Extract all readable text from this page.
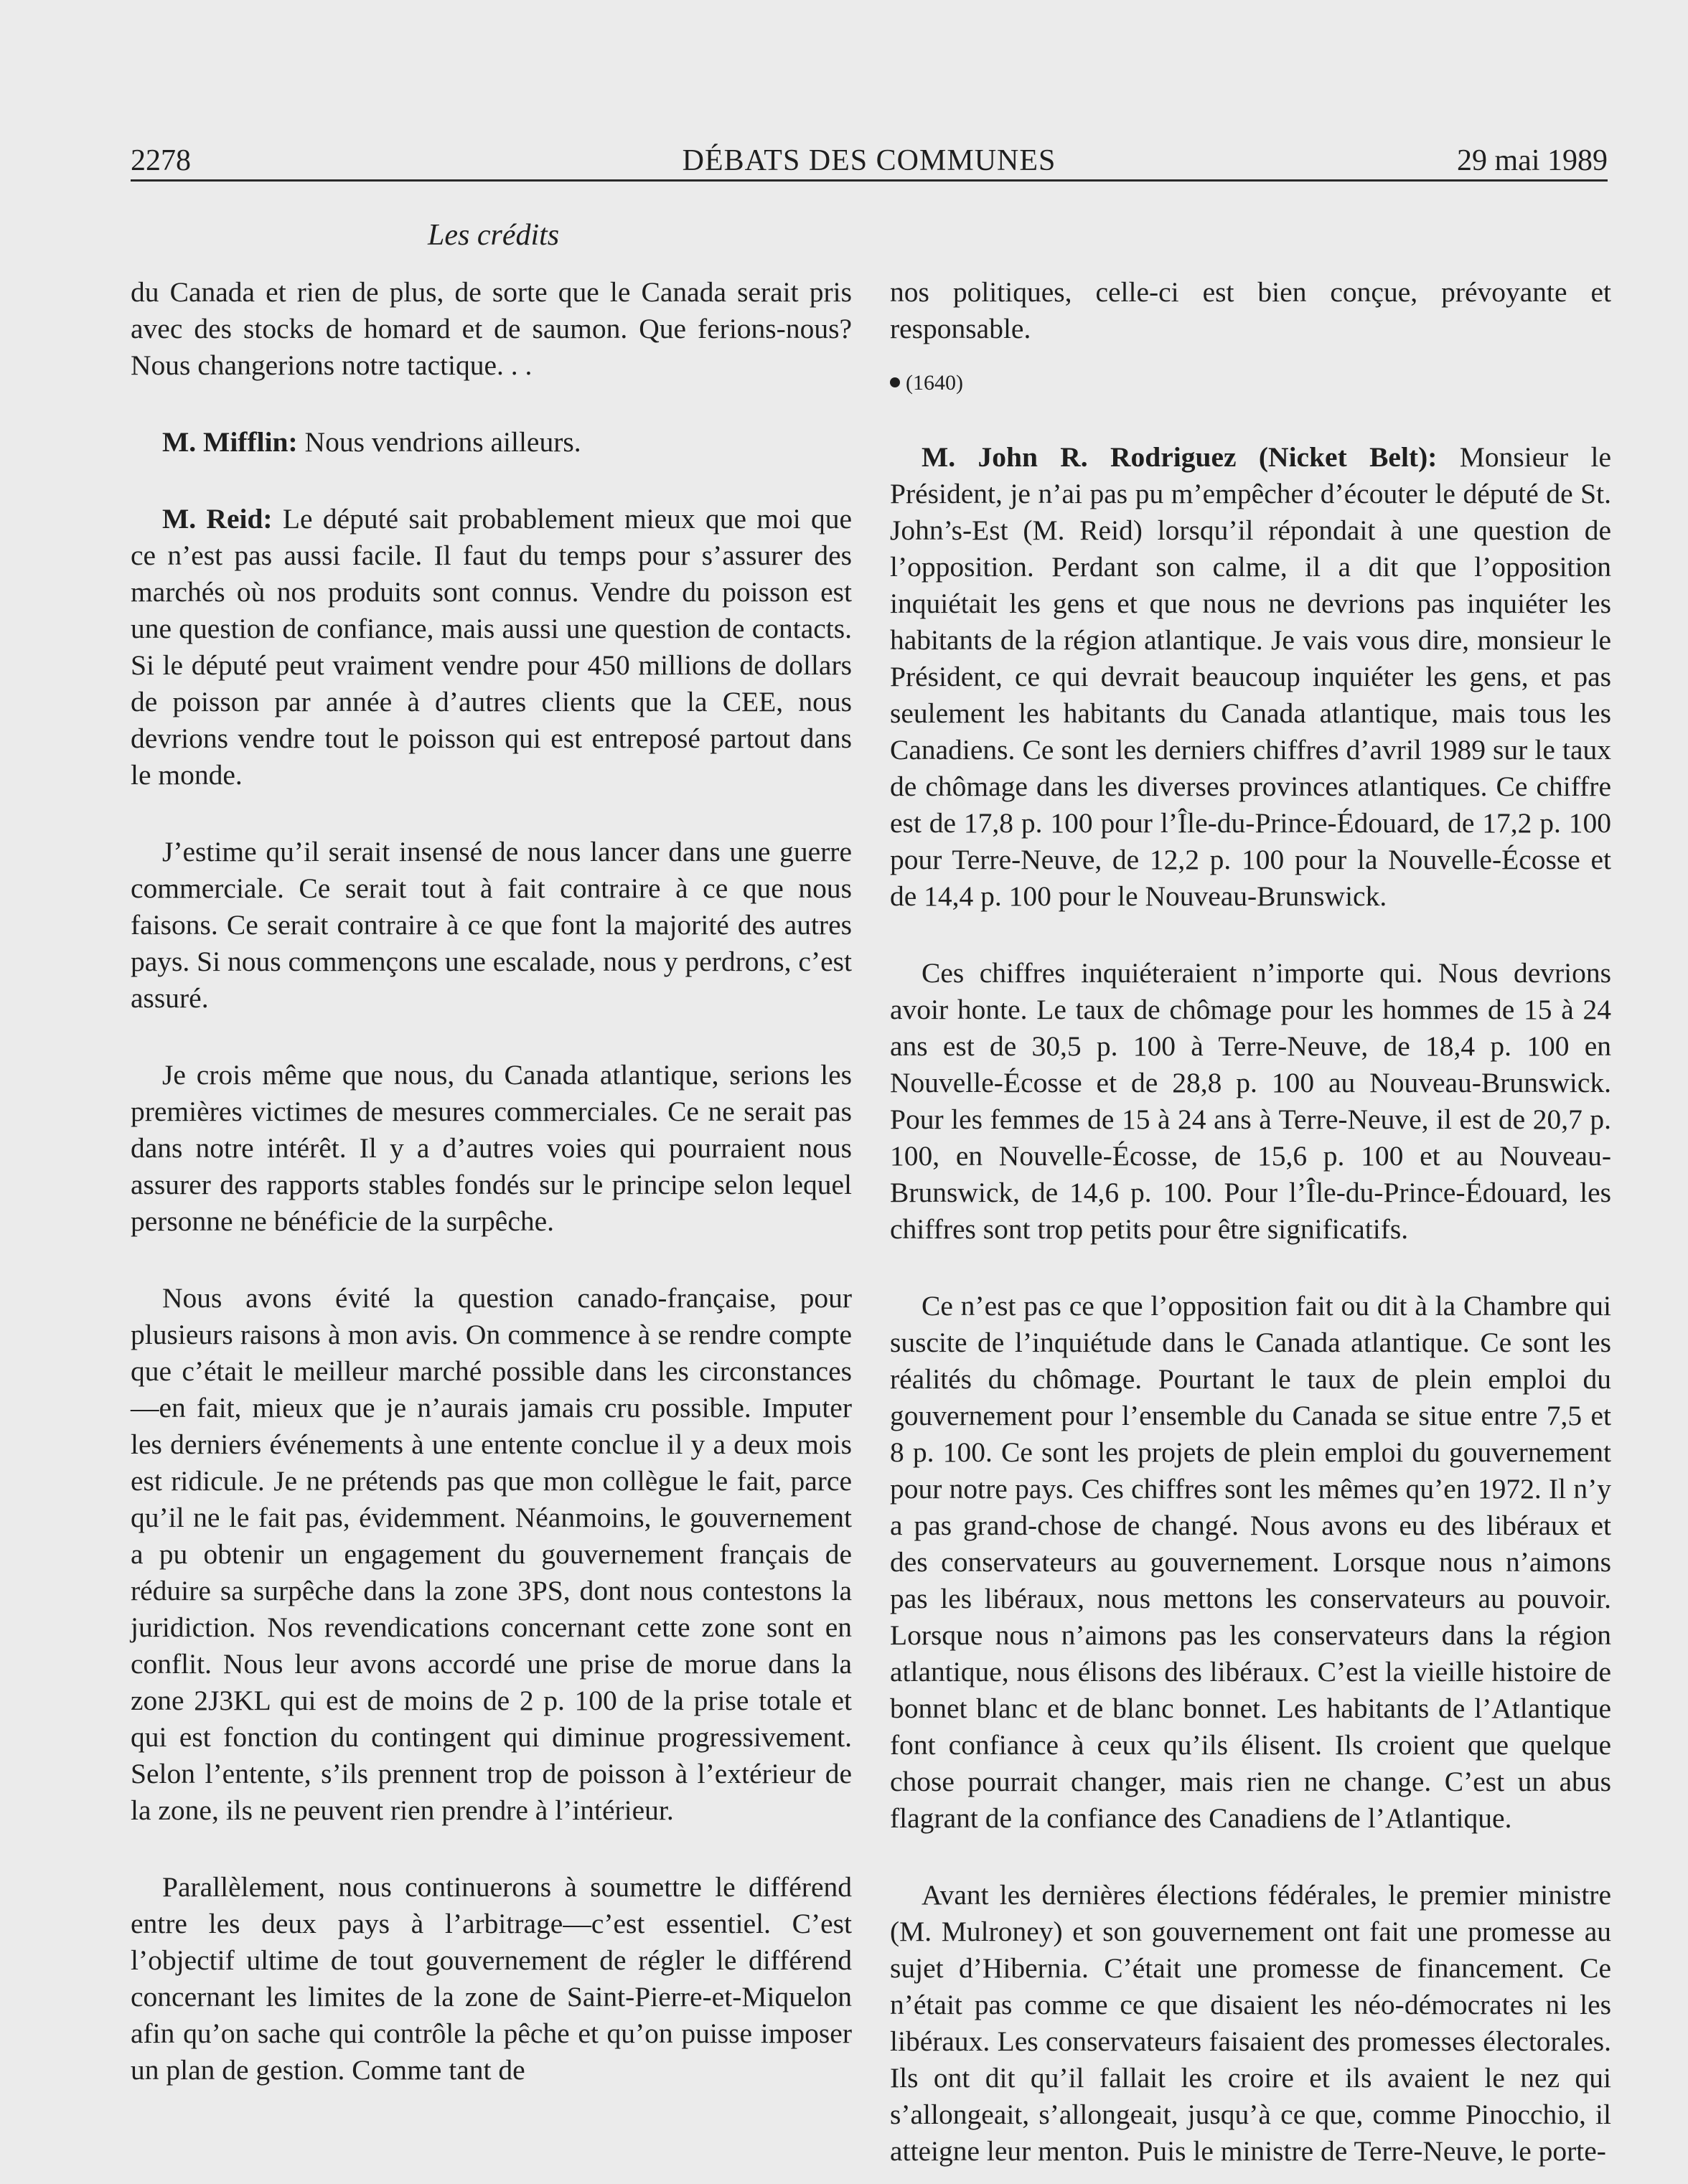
2278	DÉBATS DES COMMUNES	29 mai 1989
Les crédits

du Canada et rien de plus, de sorte que le Canada serait pris avec des stocks de homard et de saumon. Que ferions-nous? Nous changerions notre tactique. . .

M. Mifflin: Nous vendrions ailleurs.

M. Reid: Le député sait probablement mieux que moi que ce n’est pas aussi facile. Il faut du temps pour s’assurer des marchés où nos produits sont connus. Vendre du poisson est une question de confiance, mais aussi une question de contacts. Si le député peut vraiment vendre pour 450 millions de dollars de poisson par année à d’autres clients que la CEE, nous devrions vendre tout le poisson qui est entreposé partout dans le monde.

J’estime qu’il serait insensé de nous lancer dans une guerre commerciale. Ce serait tout à fait contraire à ce que nous faisons. Ce serait contraire à ce que font la majorité des autres pays. Si nous commençons une escalade, nous y perdrons, c’est assuré.

Je crois même que nous, du Canada atlantique, serions les premières victimes de mesures commerciales. Ce ne serait pas dans notre intérêt. Il y a d’autres voies qui pourraient nous assurer des rapports stables fondés sur le principe selon lequel personne ne bénéficie de la surpêche.

Nous avons évité la question canado-française, pour plusieurs raisons à mon avis. On commence à se rendre compte que c’était le meilleur marché possible dans les circonstances—en fait, mieux que je n’aurais jamais cru possible. Imputer les derniers événements à une entente conclue il y a deux mois est ridicule. Je ne prétends pas que mon collègue le fait, parce qu’il ne le fait pas, évidemment. Néanmoins, le gouvernement a pu obtenir un engagement du gouvernement français de réduire sa surpêche dans la zone 3PS, dont nous contestons la juridiction. Nos revendications concernant cette zone sont en conflit. Nous leur avons accordé une prise de morue dans la zone 2J3KL qui est de moins de 2 p. 100 de la prise totale et qui est fonction du contingent qui diminue progressivement. Selon l’entente, s’ils prennent trop de poisson à l’extérieur de la zone, ils ne peuvent rien prendre à l’intérieur.

Parallèlement, nous continuerons à soumettre le différend entre les deux pays à l’arbitrage—c’est essentiel. C’est l’objectif ultime de tout gouvernement de régler le différend concernant les limites de la zone de Saint-Pierre-et-Miquelon afin qu’on sache qui contrôle la pêche et qu’on puisse imposer un plan de gestion. Comme tant de

nos politiques, celle-ci est bien conçue, prévoyante et responsable.

(1640)

M. John R. Rodriguez (Nicket Belt): Monsieur le Président, je n’ai pas pu m’empêcher d’écouter le député de St. John’s-Est (M. Reid) lorsqu’il répondait à une question de l’opposition. Perdant son calme, il a dit que l’opposition inquiétait les gens et que nous ne devrions pas inquiéter les habitants de la région atlantique. Je vais vous dire, monsieur le Président, ce qui devrait beaucoup inquiéter les gens, et pas seulement les habitants du Canada atlantique, mais tous les Canadiens. Ce sont les derniers chiffres d’avril 1989 sur le taux de chômage dans les diverses provinces atlantiques. Ce chiffre est de 17,8 p. 100 pour l’Île-du-Prince-Édouard, de 17,2 p. 100 pour Terre-Neuve, de 12,2 p. 100 pour la Nouvelle-Écosse et de 14,4 p. 100 pour le Nouveau-Brunswick.

Ces chiffres inquiéteraient n’importe qui. Nous devrions avoir honte. Le taux de chômage pour les hommes de 15 à 24 ans est de 30,5 p. 100 à Terre-Neuve, de 18,4 p. 100 en Nouvelle-Écosse et de 28,8 p. 100 au Nouveau-Brunswick. Pour les femmes de 15 à 24 ans à Terre-Neuve, il est de 20,7 p. 100, en Nouvelle-Écosse, de 15,6 p. 100 et au Nouveau-Brunswick, de 14,6 p. 100. Pour l’Île-du-Prince-Édouard, les chiffres sont trop petits pour être significatifs.

Ce n’est pas ce que l’opposition fait ou dit à la Chambre qui suscite de l’inquiétude dans le Canada atlantique. Ce sont les réalités du chômage. Pourtant le taux de plein emploi du gouvernement pour l’ensemble du Canada se situe entre 7,5 et 8 p. 100. Ce sont les projets de plein emploi du gouvernement pour notre pays. Ces chiffres sont les mêmes qu’en 1972. Il n’y a pas grand-chose de changé. Nous avons eu des libéraux et des conservateurs au gouvernement. Lorsque nous n’aimons pas les libéraux, nous mettons les conservateurs au pouvoir. Lorsque nous n’aimons pas les conservateurs dans la région atlantique, nous élisons des libéraux. C’est la vieille histoire de bonnet blanc et de blanc bonnet. Les habitants de l’Atlantique font confiance à ceux qu’ils élisent. Ils croient que quelque chose pourrait changer, mais rien ne change. C’est un abus flagrant de la confiance des Canadiens de l’Atlantique.

Avant les dernières élections fédérales, le premier ministre (M. Mulroney) et son gouvernement ont fait une promesse au sujet d’Hibernia. C’était une promesse de financement. Ce n’était pas comme ce que disaient les néo-démocrates ni les libéraux. Les conservateurs faisaient des promesses électorales. Ils ont dit qu’il fallait les croire et ils avaient le nez qui s’allongeait, s’allongeait, jusqu’à ce que, comme Pinocchio, il atteigne leur menton. Puis le ministre de Terre-Neuve, le porte-
